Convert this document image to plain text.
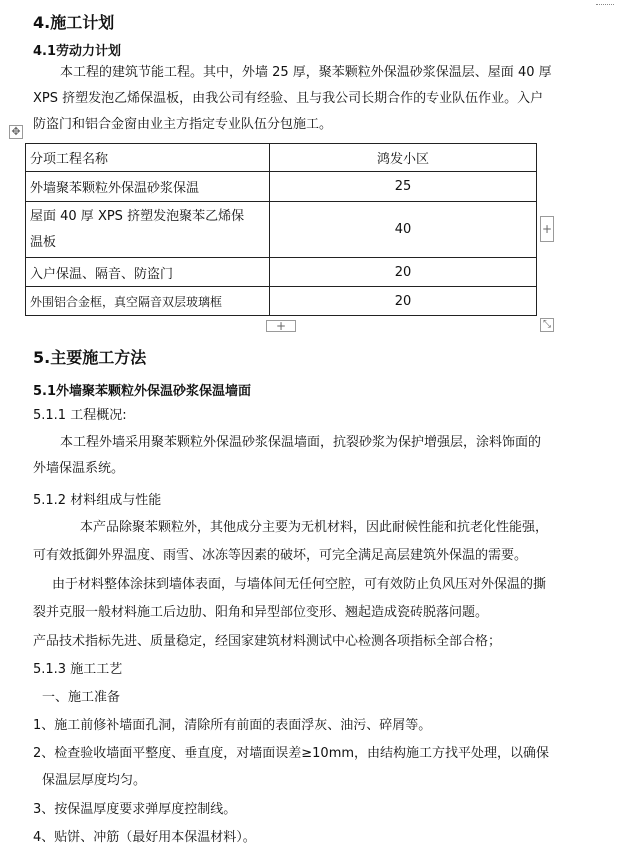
4.施工计划
4.1劳动力计划
本工程的建筑节能工程。其中，外墙 25 厚，聚苯颗粒外保温砂浆保温层、屋面 40 厚
XPS 挤塑发泡乙烯保温板，由我公司有经验、且与我公司长期合作的专业队伍作业。入户
防盗门和铝合金窗由业主方指定专业队伍分包施工。
✥
分项工程名称	鸿发小区
外墙聚苯颗粒外保温砂浆保温	25
屋面 40 厚 XPS 挤塑发泡聚苯乙烯保
温板	40
入户保温、隔音、防盗门	20
外围铝合金框，真空隔音双层玻璃框	20
+
+	⤡
5.主要施工方法
5.1外墙聚苯颗粒外保温砂浆保温墙面
5.1.1 工程概况:
本工程外墙采用聚苯颗粒外保温砂浆保温墙面，抗裂砂浆为保护增强层，涂料饰面的
外墙保温系统。
5.1.2 材料组成与性能
本产品除聚苯颗粒外，其他成分主要为无机材料，因此耐候性能和抗老化性能强，
可有效抵御外界温度、雨雪、冰冻等因素的破坏，可完全满足高层建筑外保温的需要。
由于材料整体涂抹到墙体表面，与墙体间无任何空腔，可有效防止负风压对外保温的撕
裂并克服一般材料施工后边肋、阳角和异型部位变形、翘起造成瓷砖脱落问题。
产品技术指标先进、质量稳定，经国家建筑材料测试中心检测各项指标全部合格；
5.1.3 施工工艺
一、施工准备
1、施工前修补墙面孔洞，清除所有前面的表面浮灰、油污、碎屑等。
2、检查验收墙面平整度、垂直度，对墙面误差≥10mm，由结构施工方找平处理，以确保
保温层厚度均匀。
3、按保温厚度要求弹厚度控制线。
4、贴饼、冲筋（最好用本保温材料）。
